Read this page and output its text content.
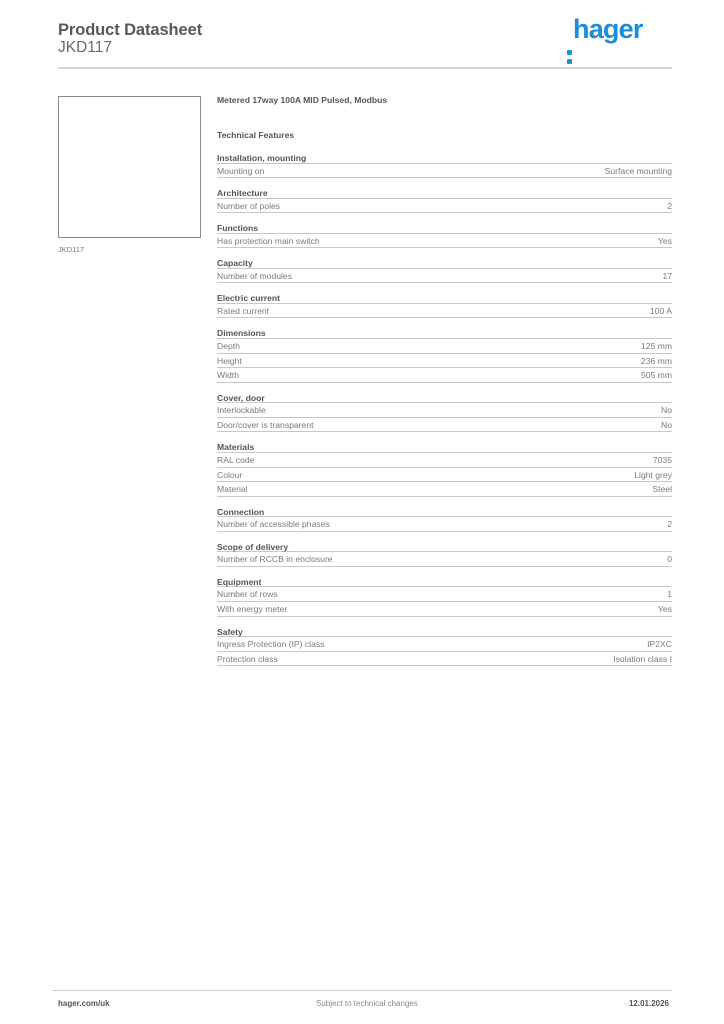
Product Datasheet
JKD117
hager
JKD117
Metered 17way 100A MID Pulsed, Modbus
Technical Features
Installation, mounting
Mounting on	Surface mounting
Architecture
Number of poles	2
Functions
Has protection main switch	Yes
Capacity
Number of modules	17
Electric current
Rated current	100 A
Dimensions
Depth	125 mm
Height	236 mm
Width	505 mm
Cover, door
Interlockable	No
Door/cover is transparent	No
Materials
RAL code	7035
Colour	Light grey
Material	Steel
Connection
Number of accessible phases	2
Scope of delivery
Number of RCCB in enclosure	0
Equipment
Number of rows	1
With energy meter	Yes
Safety
Ingress Protection (IP) class	IP2XC
Protection class	Isolation class I
hager.com/uk	Subject to technical changes	12.01.2026
